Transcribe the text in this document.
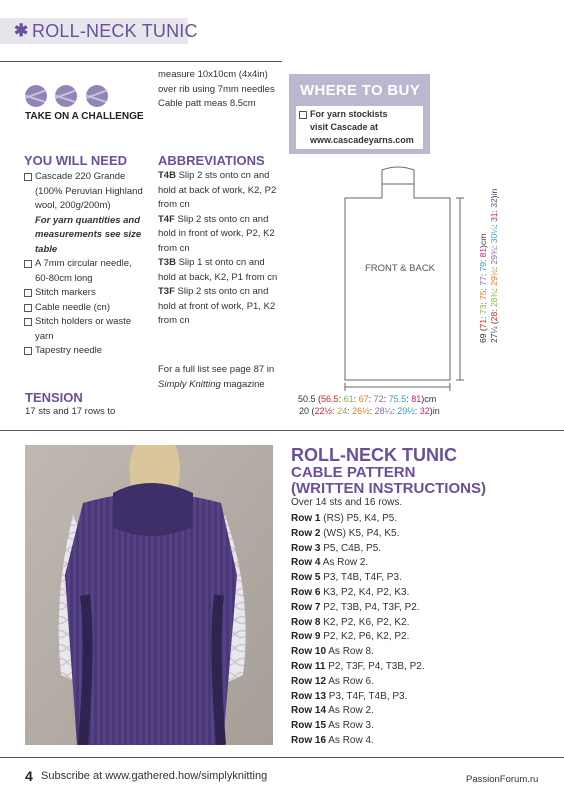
✱ ROLL-NECK TUNIC
TAKE ON A CHALLENGE
YOU WILL NEED
Cascade 220 Grande (100% Peruvian Highland wool, 200g/200m)
For yarn quantities and measurements see size table
A 7mm circular needle, 60-80cm long
Stitch markers
Cable needle (cn)
Stitch holders or waste yarn
Tapestry needle
TENSION
17 sts and 17 rows to
measure 10x10cm (4x4in) over rib using 7mm needles Cable patt meas 8.5cm
ABBREVIATIONS

T4B Slip 2 sts onto cn and hold at back of work, K2, P2 from cn

T4F Slip 2 sts onto cn and hold in front of work, P2, K2 from cn

T3B Slip 1 st onto cn and hold at back, K2, P1 from cn

T3F Slip 2 sts onto cn and hold at front of work, P1, K2 from cn

For a full list see page 87 in Simply Knitting magazine
WHERE TO BUY
For yarn stockists
visit Cascade at
www.cascadeyarns.com
FRONT & BACK
69 (71: 73: 75: 77: 79: 81)cm
27¼ (28: 28¾: 29½: 29¾: 30¼: 31: 32)in
50.5 (56.5: 61: 67: 72: 75.5: 81)cm
20 (22½: 24: 26½: 28¼: 29½: 32)in
ROLL-NECK TUNIC
CABLE PATTERN
(WRITTEN INSTRUCTIONS)
Over 14 sts and 16 rows.
Row 1 (RS) P5, K4, P5.
Row 2 (WS) K5, P4, K5.
Row 3 P5, C4B, P5.
Row 4 As Row 2.
Row 5 P3, T4B, T4F, P3.
Row 6 K3, P2, K4, P2, K3.
Row 7 P2, T3B, P4, T3F, P2.
Row 8 K2, P2, K6, P2, K2.
Row 9 P2, K2, P6, K2, P2.
Row 10 As Row 8.
Row 11 P2, T3F, P4, T3B, P2.
Row 12 As Row 6.
Row 13 P3, T4F, T4B, P3.
Row 14 As Row 2.
Row 15 As Row 3.
Row 16 As Row 4.
4 Subscribe at www.gathered.how/simplyknitting	PassionForum.ru
